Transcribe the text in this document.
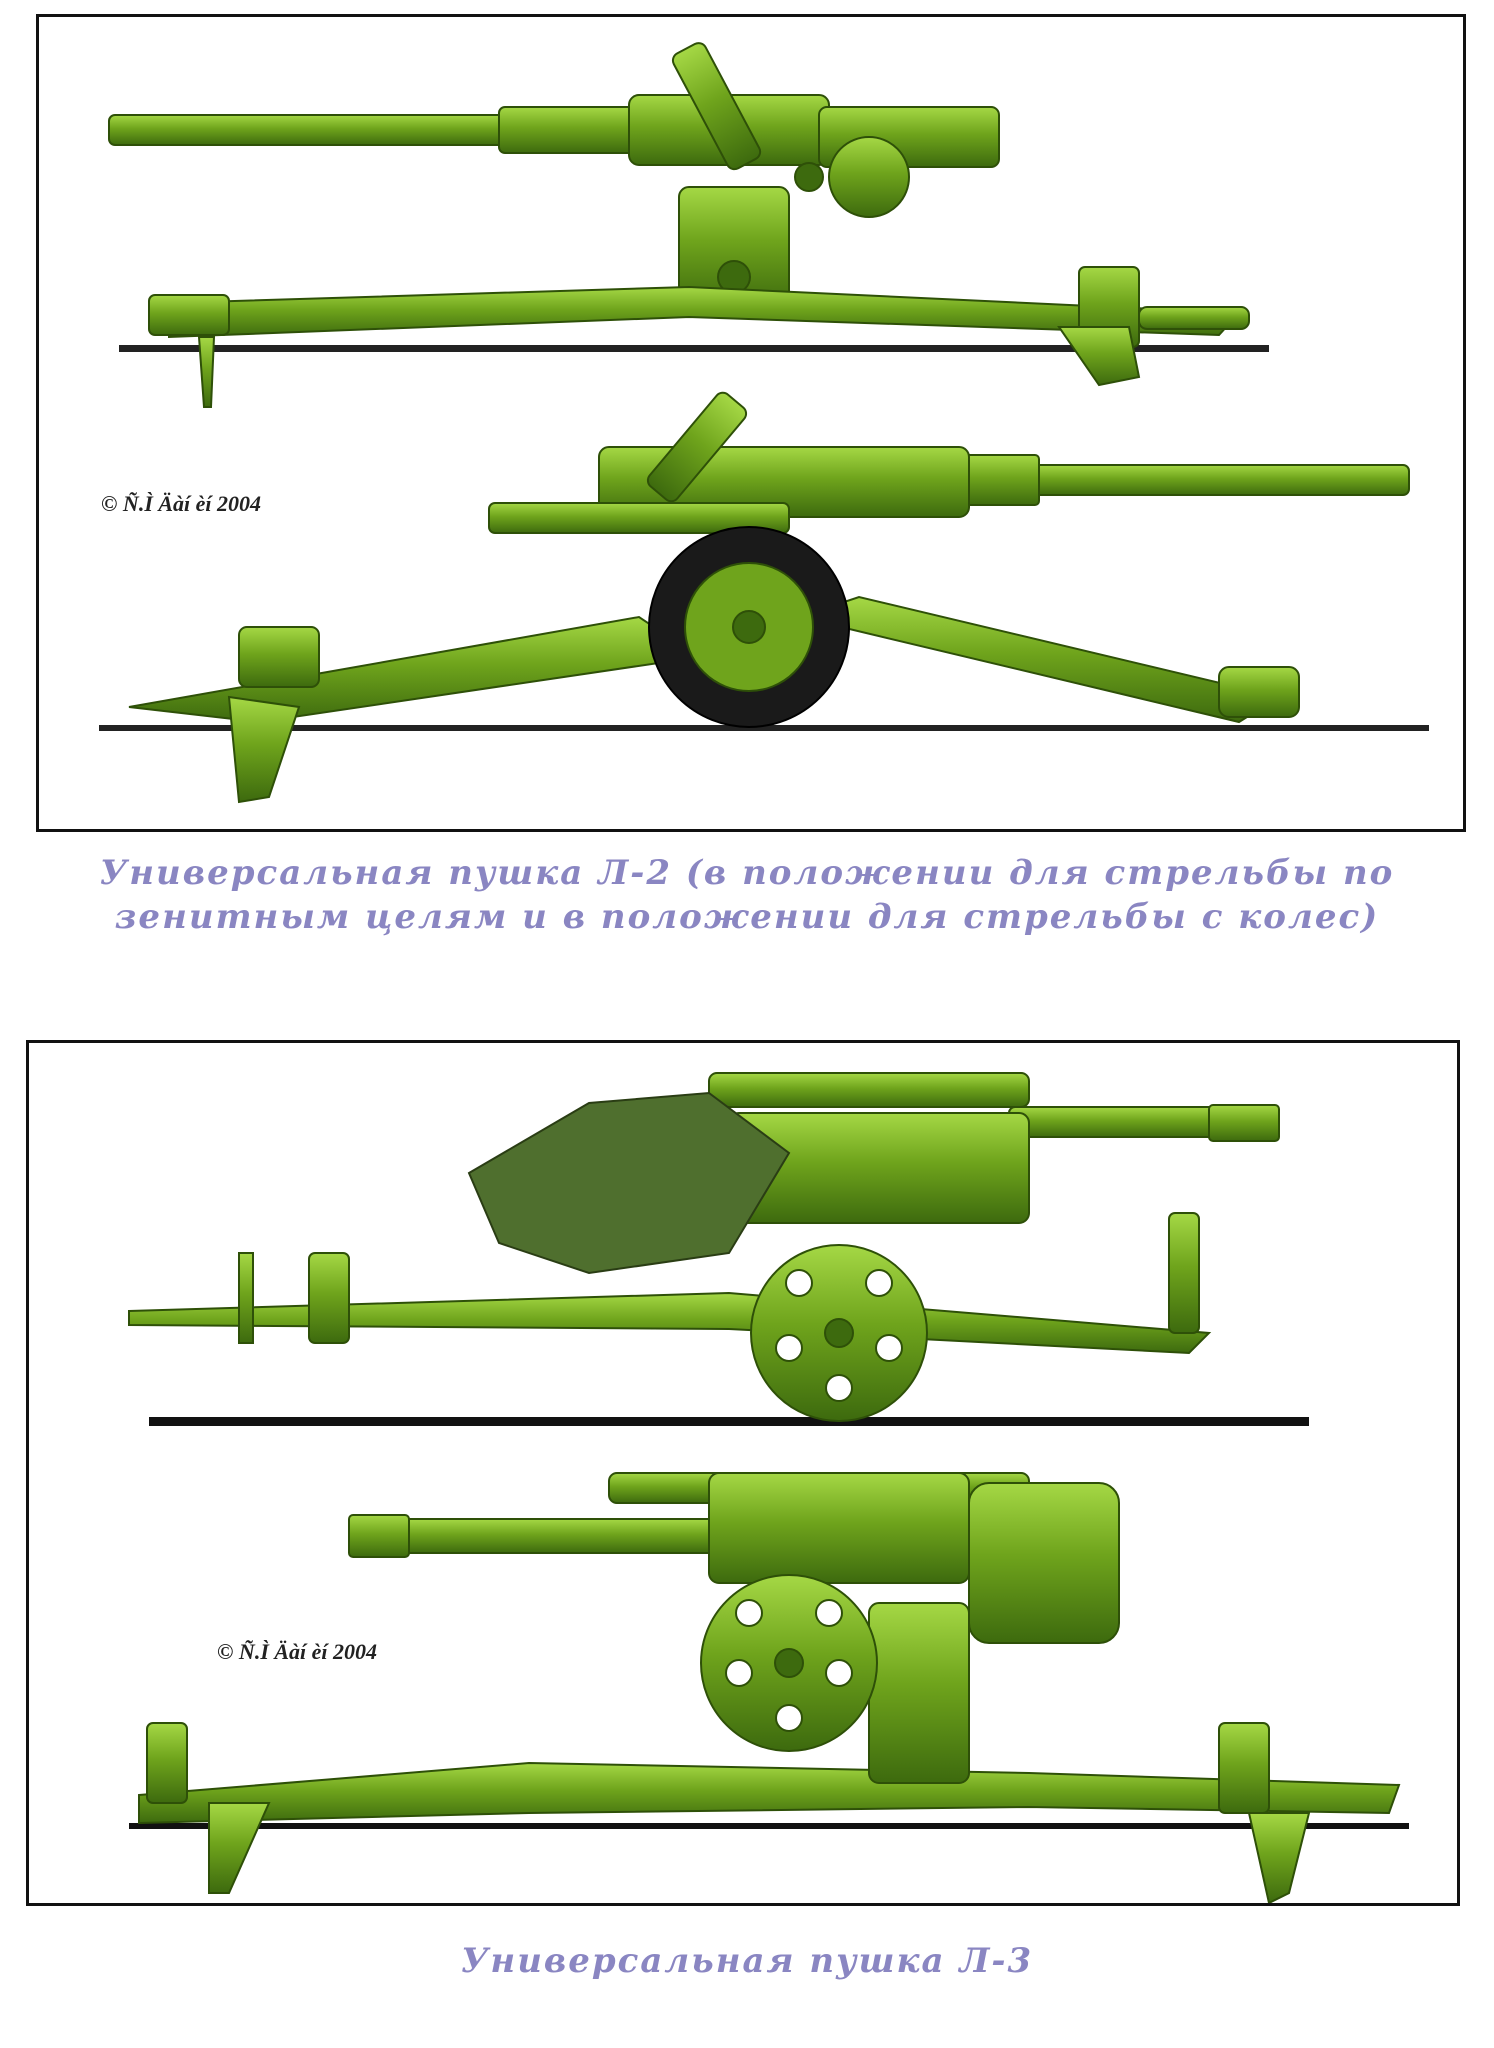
© Ñ.Ì Äàí èí 2004
Универсальная пушка Л-2 (в положении для стрельбы по
зенитным целям и в положении для стрельбы с колес)
© Ñ.Ì Äàí èí 2004
Универсальная пушка Л-3
